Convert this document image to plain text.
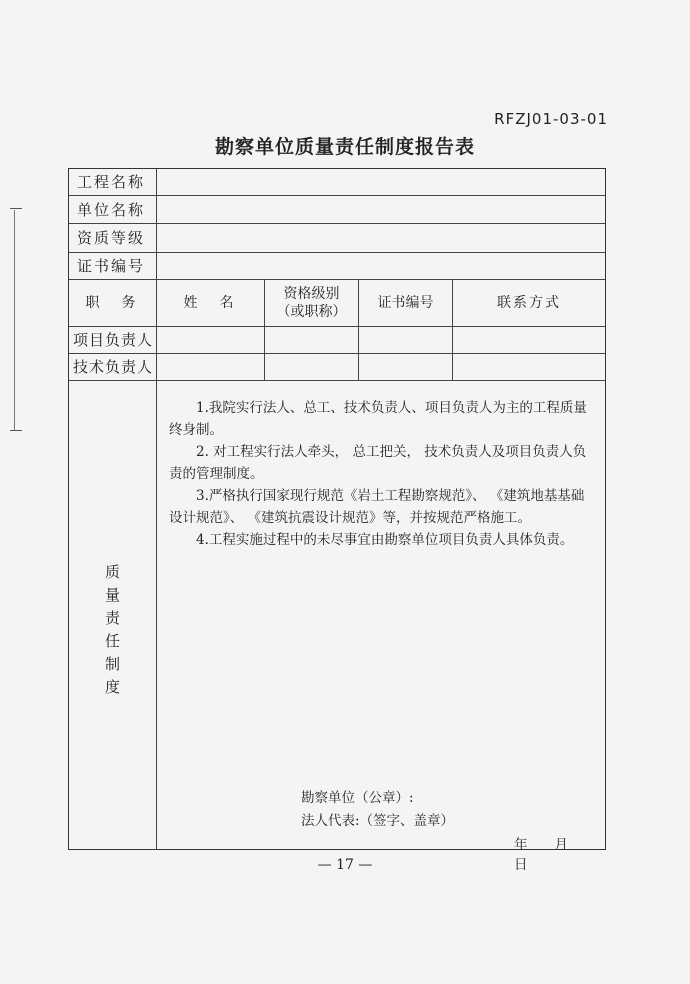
RFZJ01-03-01
勘察单位质量责任制度报告表
工程名称
单位名称
资质等级
证书编号
职　务	姓　名
资格级别
（或职称）
证书编号	联系方式
项目负责人
技术负责人
质
量
责
任
制
度

1.我院实行法人、总工、技术负责人、项目负责人为主的工程质量终身制。

2. 对工程实行法人牵头， 总工把关， 技术负责人及项目负责人负责的管理制度。

3.严格执行国家现行规范《岩土工程勘察规范》、 《建筑地基基础设计规范》、 《建筑抗震设计规范》等，并按规范严格施工。

4.工程实施过程中的未尽事宜由勘察单位项目负责人具体负责。

勘察单位（公章）:
法人代表:（签字、盖章）
年　　月　　日
— 17 —
